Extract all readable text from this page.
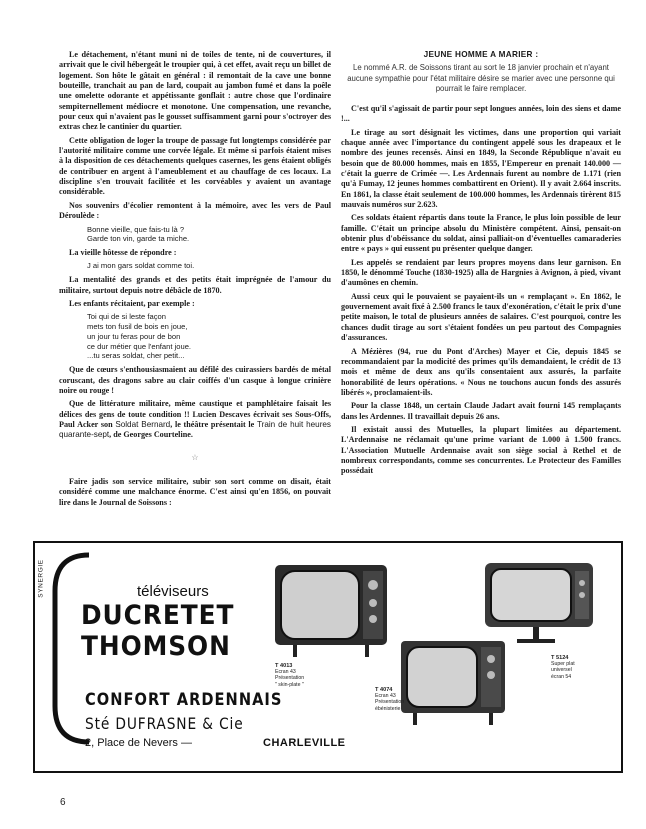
Le détachement, n'étant muni ni de toiles de tente, ni de couvertures, il arrivait que le civil hébergeât le troupier qui, à cet effet, avait reçu un billet de logement. Son hôte le gâtait en général : il remontait de la cave une bonne bouteille, tranchait au pan de lard, coupait au jambon fumé et dans la poêle une omelette odorante et appétissante gonflait : autre chose que l'ordinaire sempiternellement médiocre et monotone. Une compensation, une revanche, pour ceux qui n'avaient pas le gousset suffisamment garni pour s'octroyer des extras chez le cantinier du quartier.

Cette obligation de loger la troupe de passage fut longtemps considérée par l'autorité militaire comme une corvée légale. Et même si parfois étaient mises à la disposition de ces détachements quelques casernes, les gens étaient obligés de contribuer en argent à l'ameublement et au chauffage de ces locaux. La discipline s'en trouvait facilitée et les corvéables y avaient un avantage considérable.

Nos souvenirs d'écolier remontent à la mémoire, avec les vers de Paul Déroulède :

Bonne vieille, que fais-tu là ?
Garde ton vin, garde ta miche.

La vieille hôtesse de répondre :

J ai mon gars soldat comme toi.

La mentalité des grands et des petits était imprégnée de l'amour du militaire, surtout depuis notre débâcle de 1870.

Les enfants récitaient, par exemple :

Toi qui de si leste façon
mets ton fusil de bois en joue,
un jour tu feras pour de bon
ce dur métier que l'enfant joue.
...tu seras soldat, cher petit...

Que de cœurs s'enthousiasmaient au défilé des cuirassiers bardés de métal coruscant, des dragons sabre au clair coiffés d'un casque à longue crinière noire ou rouge !

Que de littérature militaire, même caustique et pamphlétaire faisait les délices des gens de toute condition !! Lucien Descaves écrivait ses Sous-Offs, Paul Acker son Soldat Bernard, le théâtre présentait le Train de huit heures quarante-sept, de Georges Courteline.

☆

Faire jadis son service militaire, subir son sort comme on disait, était considéré comme une malchance énorme. C'est ainsi qu'en 1856, on pouvait lire dans le Journal de Soissons :

JEUNE HOMME A MARIER :
Le nommé A.R. de Soissons tirant au sort le 18 janvier prochain et n'ayant aucune sympathie pour l'état militaire désire se marier avec une personne qui pourrait le faire remplacer.

C'est qu'il s'agissait de partir pour sept longues années, loin des siens et dame !...

Le tirage au sort désignait les victimes, dans une proportion qui variait chaque année avec l'importance du contingent appelé sous les drapeaux et le nombre des jeunes recensés. Ainsi en 1849, la Seconde République n'avait eu besoin que de 80.000 hommes, mais en 1855, l'Empereur en prenait 140.000 — c'était la guerre de Crimée —. Les Ardennais furent au nombre de 1.171 (rien qu'à Fumay, 12 jeunes hommes combattirent en Orient). Il y avait 2.664 inscrits. En 1861, la classe était seulement de 100.000 hommes, les Ardennais tirèrent 815 mauvais numéros sur 2.623.

Ces soldats étaient répartis dans toute la France, le plus loin possible de leur famille. C'était un principe absolu du Ministère compétent. Ainsi, pensait-on obtenir plus d'obéissance du soldat, ainsi palliait-on d'éventuelles camaraderies entre « pays » qui eussent pu présenter quelque danger.

Les appelés se rendaient par leurs propres moyens dans leur garnison. En 1850, le dénommé Touche (1830-1925) alla de Hargnies à Avignon, à pied, vivant d'aumônes en chemin.

Aussi ceux qui le pouvaient se payaient-ils un « remplaçant ». En 1862, le gouvernement avait fixé à 2.500 francs le taux d'exonération, c'était le prix d'une petite maison, le total de plusieurs années de salaires. C'est pourquoi, contre les chances dudit tirage au sort s'étaient fondées un peu partout des Compagnies d'assurances.

A Mézières (94, rue du Pont d'Arches) Mayer et Cie, depuis 1845 se recommandaient par la modicité des primes qu'ils demandaient, le crédit de 13 mois et même de deux ans qu'ils consentaient aux assurés, la parfaite honorabilité de leurs opérations. « Nous ne touchons aucun fonds des assurés libérés », proclamaient-ils.

Pour la classe 1848, un certain Claude Jadart avait fourni 145 remplaçants dans les Ardennes. Il travaillait depuis 26 ans.

Il existait aussi des Mutuelles, la plupart limitées au département. L'Ardennaise ne réclamait qu'une prime variant de 1.000 à 1.500 francs. L'Association Mutuelle Ardennaise avait son siège social à Rethel et de nombreux correspondants, comme ses concurrentes. Le Protecteur des Familles possédait

SYNERGIE	téléviseurs
DUCRETET
THOMSON
CONFORT ARDENNAIS
Sté DUFRASNE & Cie
2, Place de Nevers —	CHARLEVILLE
T 4013
Ecran 43
Présentation
" skin-plate "
T 4074
Ecran 43
Présentation
ébénisterie
T 5124
Super plat
universel
écran 54
6
